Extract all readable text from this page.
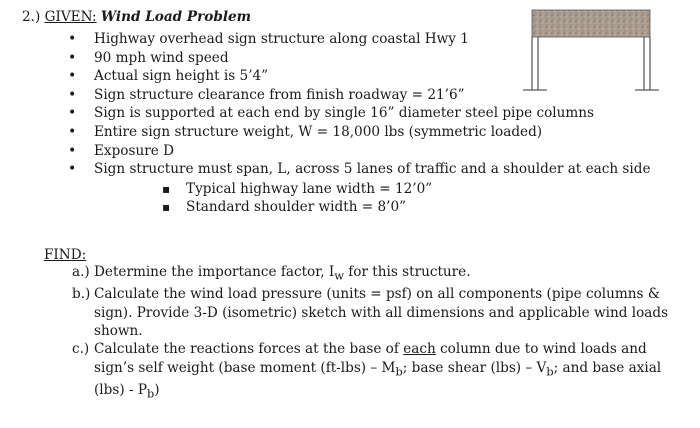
2.) GIVEN: Wind Load Problem
• Highway overhead sign structure along coastal Hwy 1
• 90 mph wind speed
• Actual sign height is 5’4”
• Sign structure clearance from finish roadway = 21’6”
• Sign is supported at each end by single 16” diameter steel pipe columns
• Entire sign structure weight, W = 18,000 lbs (symmetric loaded)
• Exposure D
• Sign structure must span, L, across 5 lanes of traffic and a shoulder at each side
▪ Typical highway lane width = 12’0”
▪ Standard shoulder width = 8’0”
FIND:
a.) Determine the importance factor, $I_w$ for this structure.
b.) Calculate the wind load pressure (units = psf) on all components (pipe columns & sign). Provide 3-D (isometric) sketch with all dimensions and applicable wind loads shown.
c.) Calculate the reactions forces at the base of each column due to wind loads and sign’s self weight (base moment $(ft-lbs) - M_b$; base shear $(lbs) - V_b$; and base axial $(lbs) - P_b$)
